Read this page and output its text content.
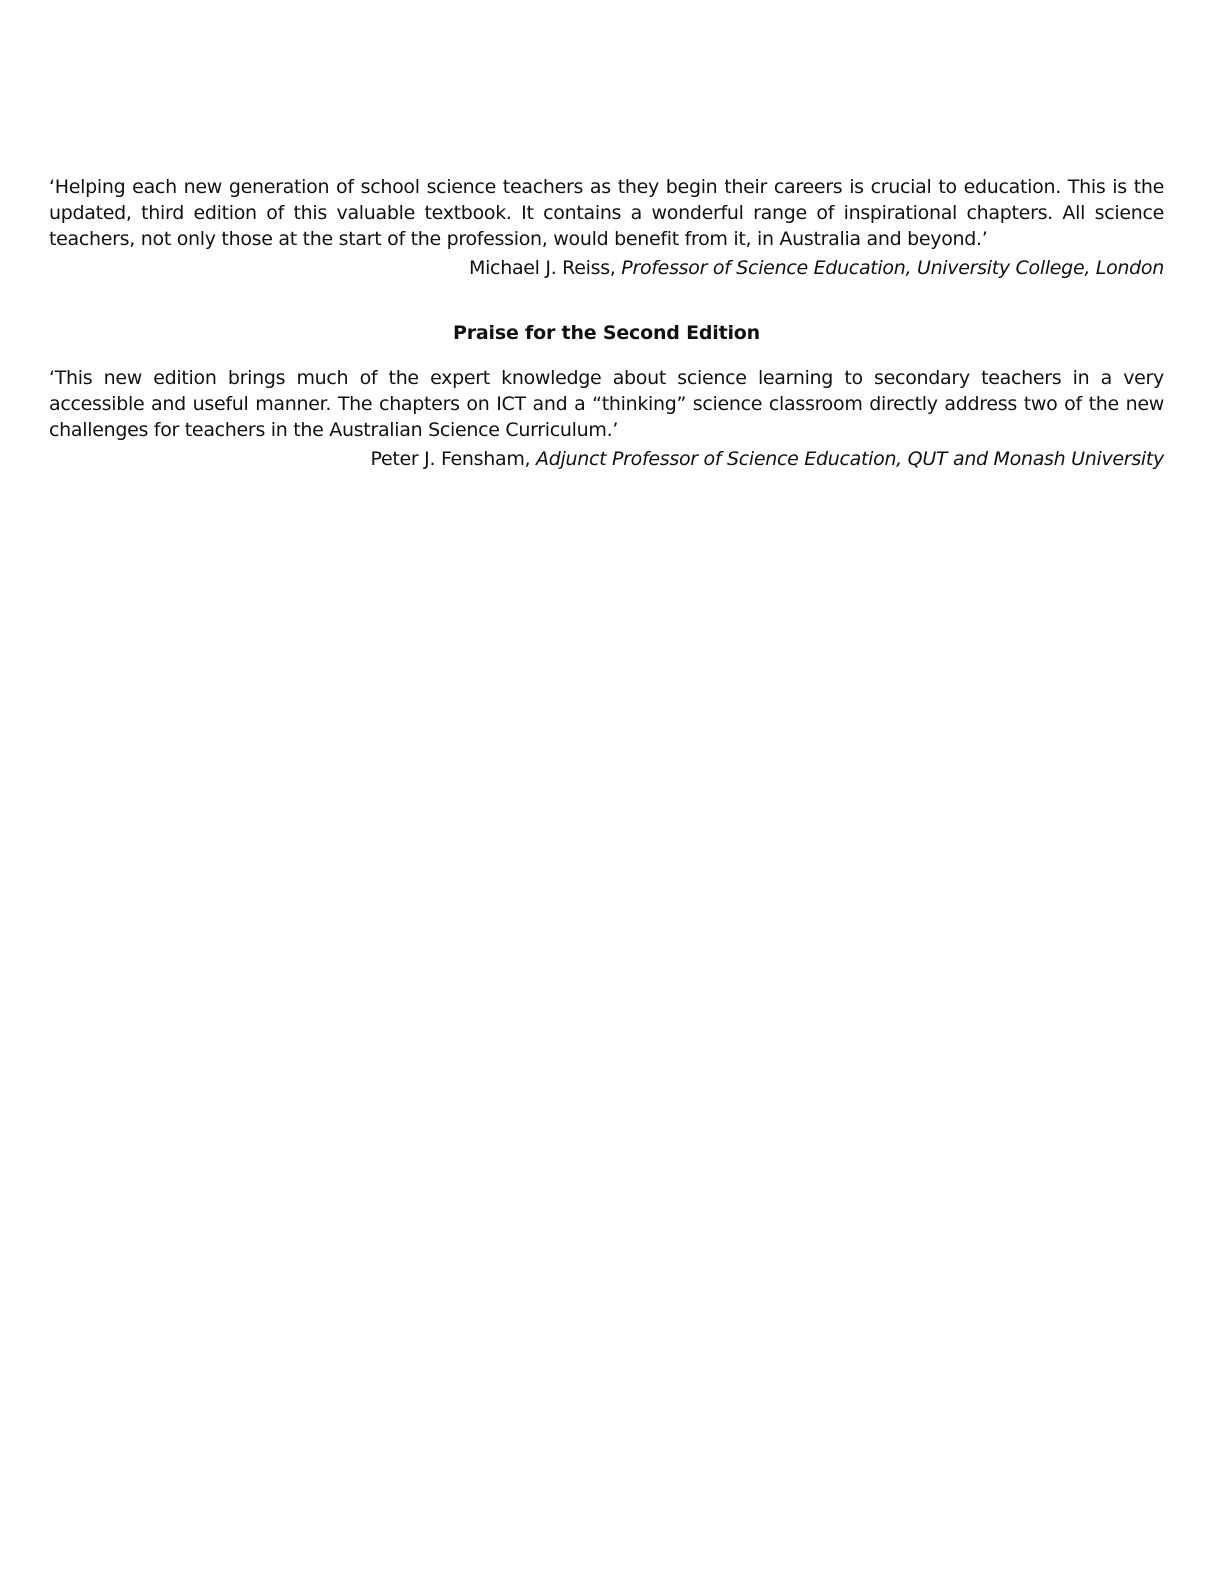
‘Helping each new generation of school science teachers as they begin their careers is crucial to education. This is the updated, third edition of this valuable textbook. It contains a wonderful range of inspirational chapters. All science teachers, not only those at the start of the profession, would benefit from it, in Australia and beyond.’

Michael J. Reiss, Professor of Science Education, University College, London

Praise for the Second Edition

‘This new edition brings much of the expert knowledge about science learning to secondary teachers in a very accessible and useful manner. The chapters on ICT and a “thinking” science classroom directly address two of the new challenges for teachers in the Australian Science Curriculum.’

Peter J. Fensham, Adjunct Professor of Science Education, QUT and Monash University
